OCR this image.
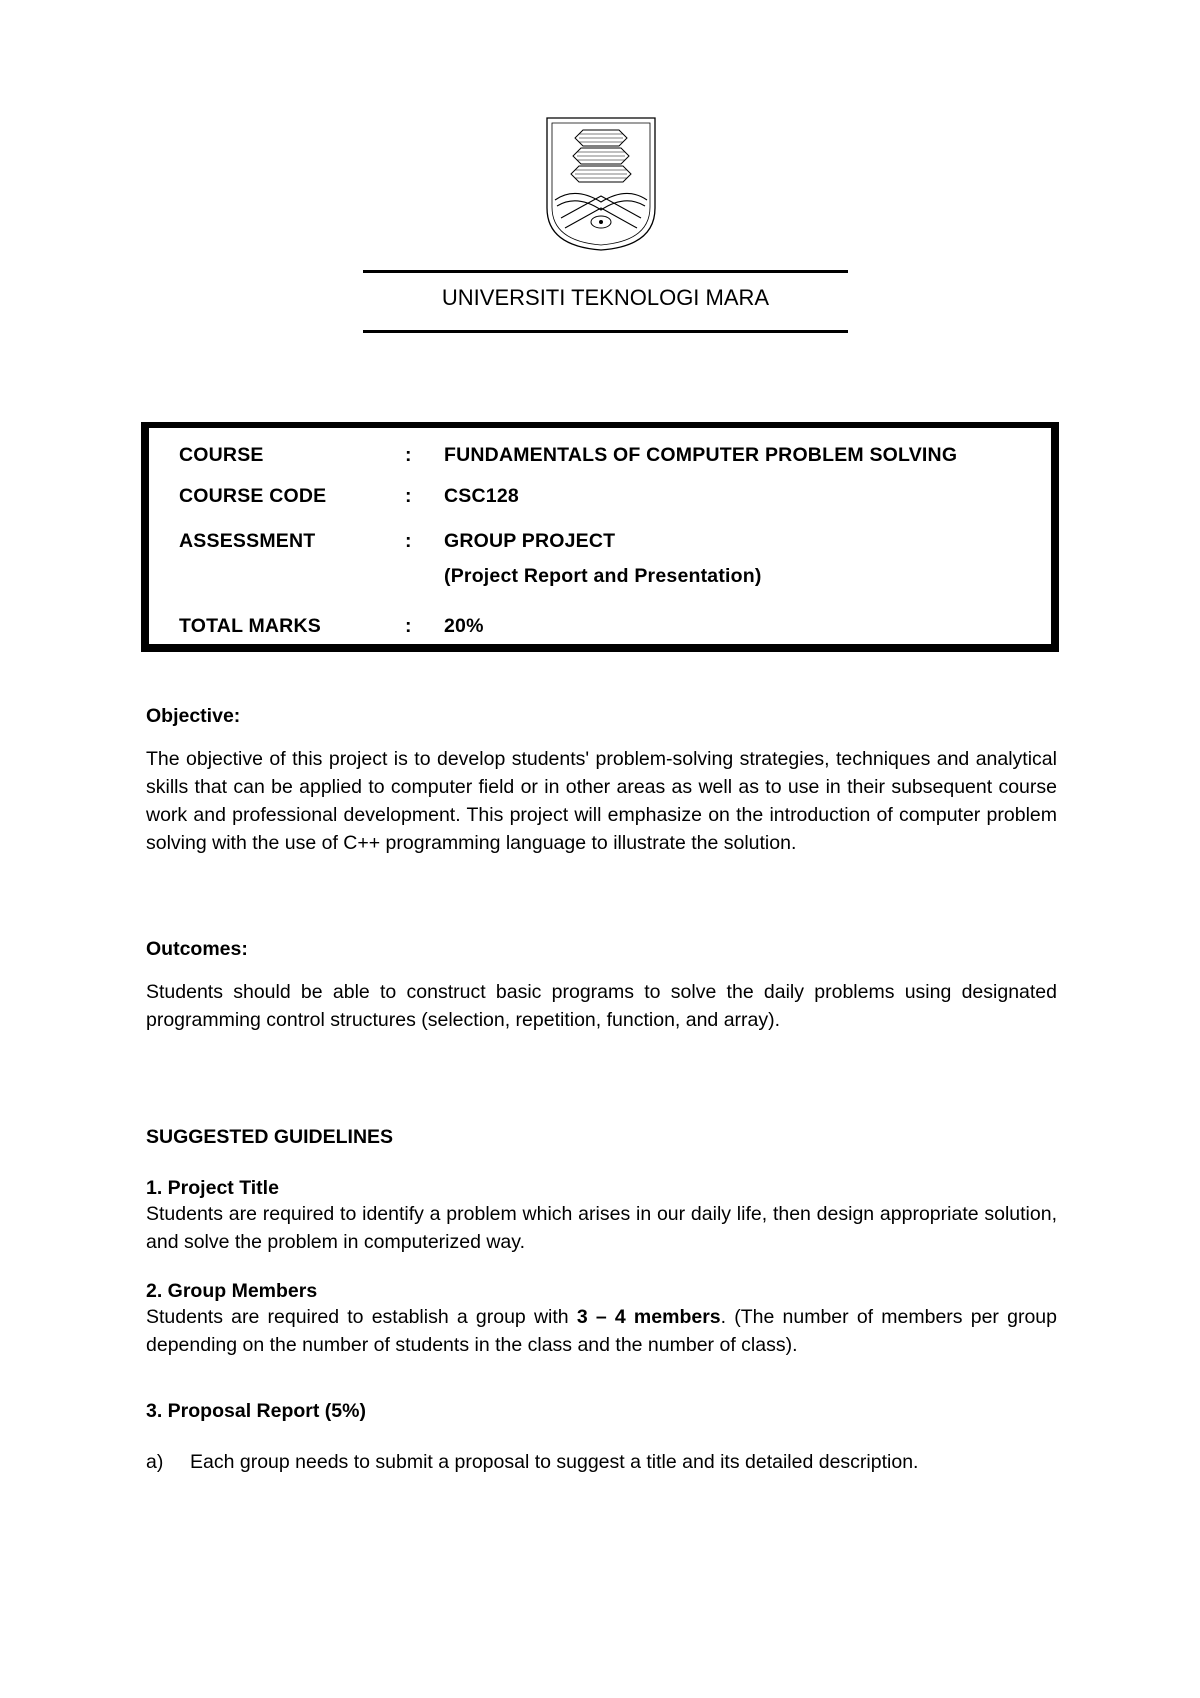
UNIVERSITI TEKNOLOGI MARA
COURSE	: FUNDAMENTALS OF COMPUTER PROBLEM SOLVING
COURSE CODE	: CSC128
ASSESSMENT	: GROUP PROJECT
(Project Report and Presentation)
TOTAL MARKS	: 20%
Objective:
The objective of this project is to develop students' problem-solving strategies, techniques and analytical skills that can be applied to computer field or in other areas as well as to use in their subsequent course work and professional development. This project will emphasize on the introduction of computer problem solving with the use of C++ programming language to illustrate the solution.
Outcomes:
Students should be able to construct basic programs to solve the daily problems using designated programming control structures (selection, repetition, function, and array).
SUGGESTED GUIDELINES
1. Project Title
Students are required to identify a problem which arises in our daily life, then design appropriate solution, and solve the problem in computerized way.
2. Group Members
Students are required to establish a group with 3 – 4 members. (The number of members per group depending on the number of students in the class and the number of class).
3. Proposal Report (5%)
a) Each group needs to submit a proposal to suggest a title and its detailed description.
